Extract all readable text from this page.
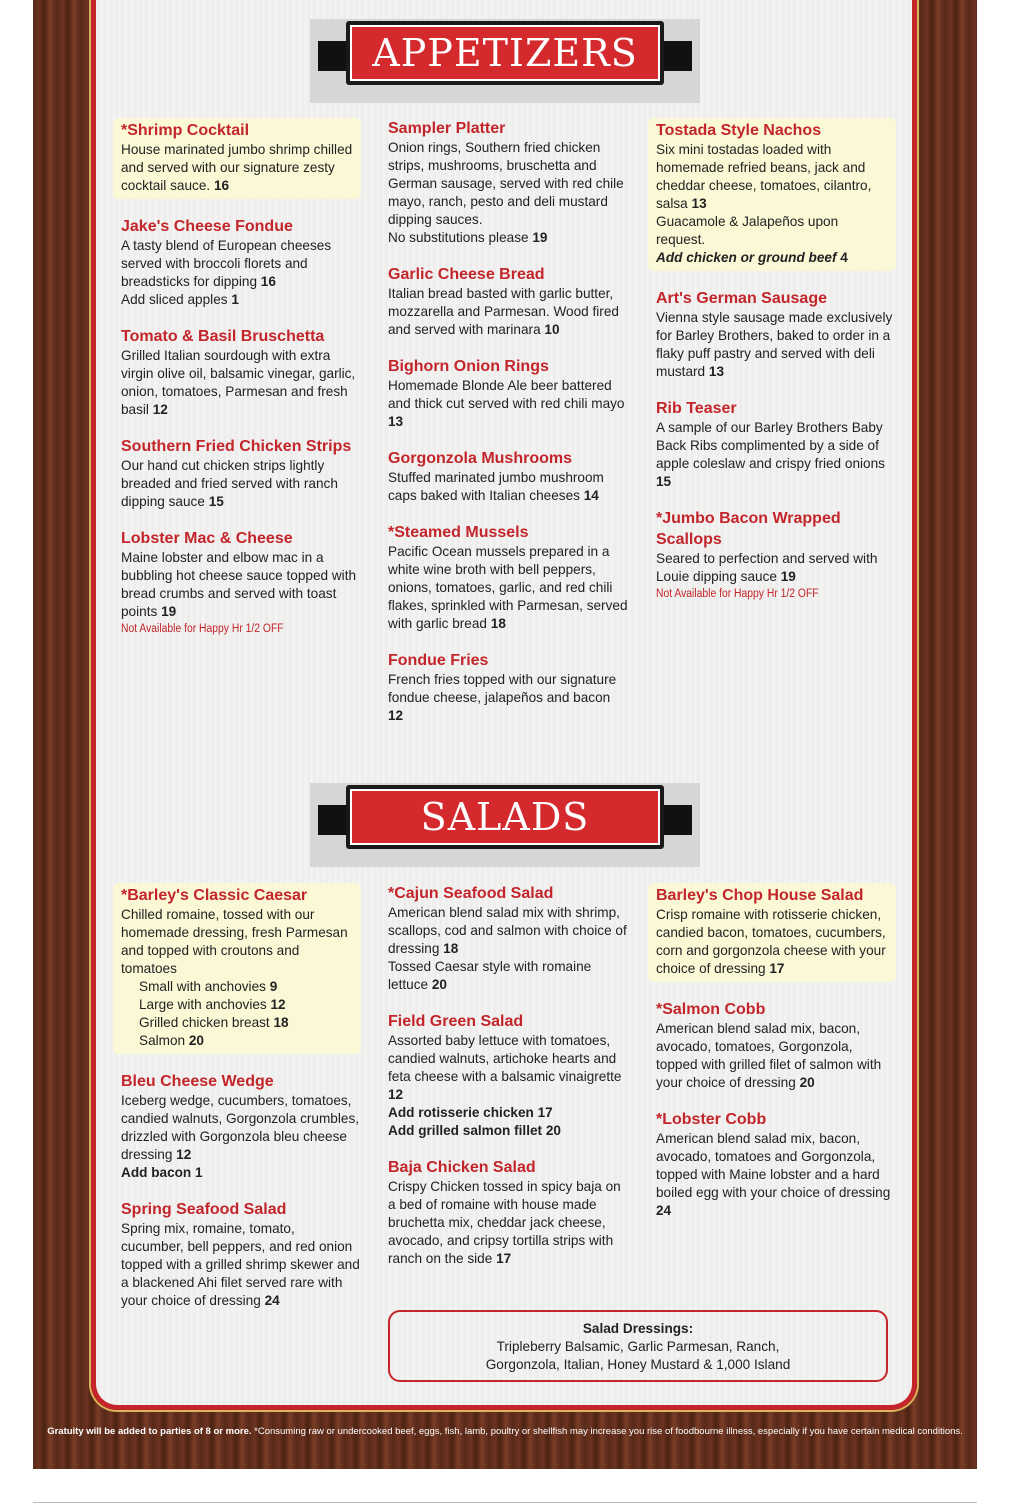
APPETIZERS
*Shrimp Cocktail
House marinated jumbo shrimp chilled and served with our signature zesty cocktail sauce. 16
Jake's Cheese Fondue
A tasty blend of European cheeses served with broccoli florets and breadsticks for dipping 16
Add sliced apples 1
Tomato & Basil Bruschetta
Grilled Italian sourdough with extra virgin olive oil, balsamic vinegar, garlic, onion, tomatoes, Parmesan and fresh basil 12
Southern Fried Chicken Strips
Our hand cut chicken strips lightly breaded and fried served with ranch dipping sauce 15
Lobster Mac & Cheese
Maine lobster and elbow mac in a bubbling hot cheese sauce topped with bread crumbs and served with toast points 19
Not Available for Happy Hr 1/2 OFF
Sampler Platter
Onion rings, Southern fried chicken strips, mushrooms, bruschetta and German sausage, served with red chile mayo, ranch, pesto and deli mustard dipping sauces.
No substitutions please 19
Garlic Cheese Bread
Italian bread basted with garlic butter, mozzarella and Parmesan. Wood fired and served with marinara 10
Bighorn Onion Rings
Homemade Blonde Ale beer battered and thick cut served with red chili mayo 13
Gorgonzola Mushrooms
Stuffed marinated jumbo mushroom caps baked with Italian cheeses 14
*Steamed Mussels
Pacific Ocean mussels prepared in a white wine broth with bell peppers, onions, tomatoes, garlic, and red chili flakes, sprinkled with Parmesan, served with garlic bread 18
Fondue Fries
French fries topped with our signature fondue cheese, jalapeños and bacon 12
Tostada Style Nachos
Six mini tostadas loaded with homemade refried beans, jack and cheddar cheese, tomatoes, cilantro, salsa 13
Guacamole & Jalapeños upon request.
Add chicken or ground beef 4
Art's German Sausage
Vienna style sausage made exclusively for Barley Brothers, baked to order in a flaky puff pastry and served with deli mustard 13
Rib Teaser
A sample of our Barley Brothers Baby Back Ribs complimented by a side of apple coleslaw and crispy fried onions 15
*Jumbo Bacon Wrapped Scallops
Seared to perfection and served with Louie dipping sauce 19
Not Available for Happy Hr 1/2 OFF
SALADS
*Barley's Classic Caesar
Chilled romaine, tossed with our homemade dressing, fresh Parmesan and topped with croutons and tomatoes
Small with anchovies 9
Large with anchovies 12
Grilled chicken breast 18
Salmon 20
Bleu Cheese Wedge
Iceberg wedge, cucumbers, tomatoes, candied walnuts, Gorgonzola crumbles, drizzled with Gorgonzola bleu cheese dressing 12
Add bacon 1
Spring Seafood Salad
Spring mix, romaine, tomato, cucumber, bell peppers, and red onion topped with a grilled shrimp skewer and a blackened Ahi filet served rare with your choice of dressing 24
*Cajun Seafood Salad
American blend salad mix with shrimp, scallops, cod and salmon with choice of dressing 18
Tossed Caesar style with romaine lettuce 20
Field Green Salad
Assorted baby lettuce with tomatoes, candied walnuts, artichoke hearts and feta cheese with a balsamic vinaigrette 12
Add rotisserie chicken 17
Add grilled salmon fillet 20
Baja Chicken Salad
Crispy Chicken tossed in spicy baja on a bed of romaine with house made bruchetta mix, cheddar jack cheese, avocado, and cripsy tortilla strips with ranch on the side 17
Barley's Chop House Salad
Crisp romaine with rotisserie chicken, candied bacon, tomatoes, cucumbers, corn and gorgonzola cheese with your choice of dressing 17
*Salmon Cobb
American blend salad mix, bacon, avocado, tomatoes, Gorgonzola, topped with grilled filet of salmon with your choice of dressing 20
*Lobster Cobb
American blend salad mix, bacon, avocado, tomatoes and Gorgonzola, topped with Maine lobster and a hard boiled egg with your choice of dressing 24
Salad Dressings:
Tripleberry Balsamic, Garlic Parmesan, Ranch,
Gorgonzola, Italian, Honey Mustard & 1,000 Island
Gratuity will be added to parties of 8 or more. *Consuming raw or undercooked beef, eggs, fish, lamb, poultry or shellfish may increase you rise of foodbourne illness, especially if you have certain medical conditions.
